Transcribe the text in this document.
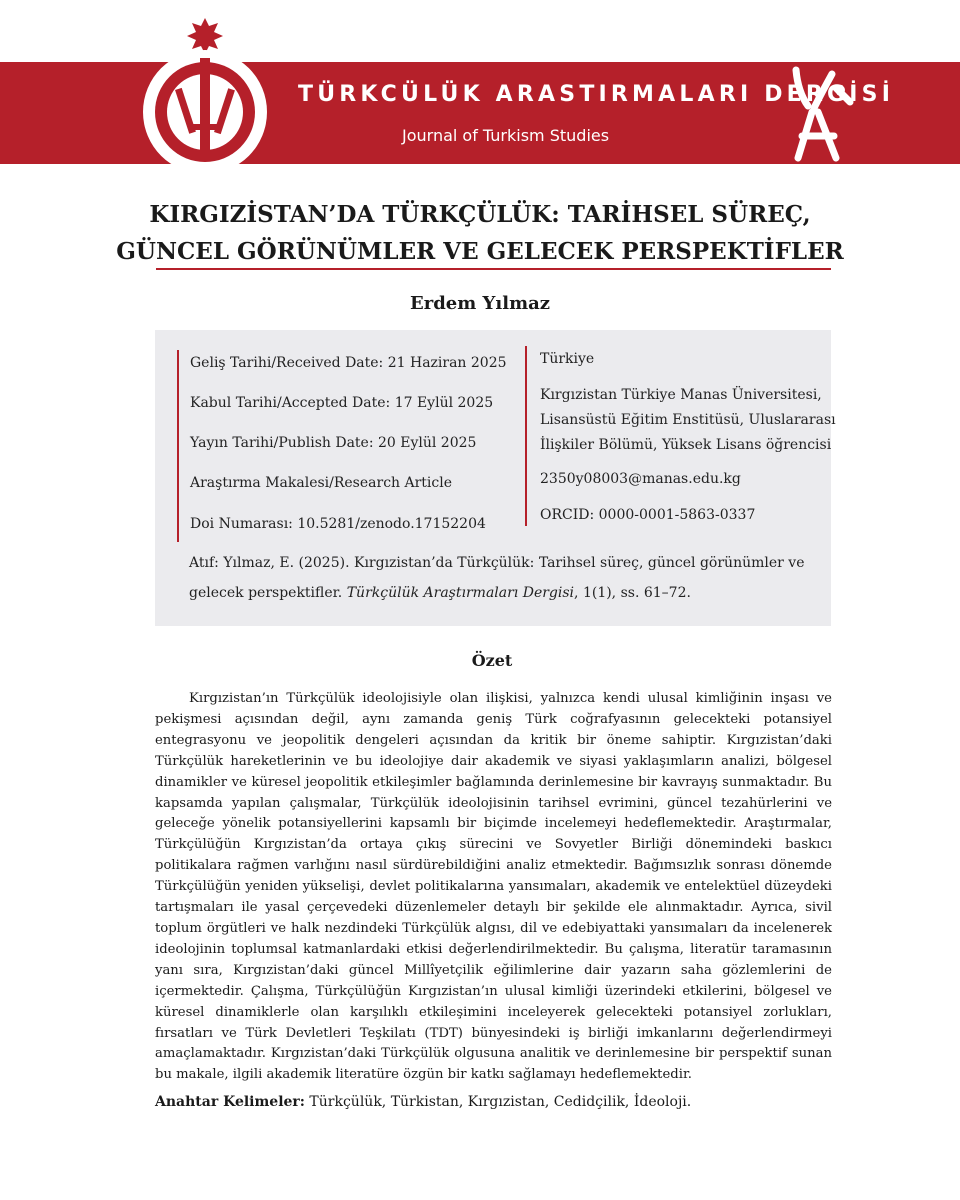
TÜRKCÜLÜK ARASTIRMALARI DERGİSİ
Journal of Turkism Studies
KIRGIZİSTAN’DA TÜRKÇÜLÜK: TARİHSEL SÜREÇ,
GÜNCEL GÖRÜNÜMLER VE GELECEK PERSPEKTİFLER
Erdem Yılmaz
Geliş Tarihi/Received Date: 21 Haziran 2025
Kabul Tarihi/Accepted Date: 17 Eylül 2025
Yayın Tarihi/Publish Date: 20 Eylül 2025
Araştırma Makalesi/Research Article
Doi Numarası: 10.5281/zenodo.17152204
Türkiye
Kırgızistan Türkiye Manas Üniversitesi,
Lisansüstü Eğitim Enstitüsü, Uluslararası
İlişkiler Bölümü, Yüksek Lisans öğrencisi
2350y08003@manas.edu.kg
ORCID: 0000-0001-5863-0337
Atıf: Yılmaz, E. (2025). Kırgızistan’da Türkçülük: Tarihsel süreç, güncel görünümler ve gelecek perspektifler. Türkçülük Araştırmaları Dergisi, 1(1), ss. 61–72.
Özet

Kırgızistan’ın Türkçülük ideolojisiyle olan ilişkisi, yalnızca kendi ulusal kimliğinin inşası ve pekişmesi açısından değil, aynı zamanda geniş Türk coğrafyasının gelecekteki potansiyel entegrasyonu ve jeopolitik dengeleri açısından da kritik bir öneme sahiptir. Kırgızistan’daki Türkçülük hareketlerinin ve bu ideolojiye dair akademik ve siyasi yaklaşımların analizi, bölgesel dinamikler ve küresel jeopolitik etkileşimler bağlamında derinlemesine bir kavrayış sunmaktadır. Bu kapsamda yapılan çalışmalar, Türkçülük ideolojisinin tarihsel evrimini, güncel tezahürlerini ve geleceğe yönelik potansiyellerini kapsamlı bir biçimde incelemeyi hedeflemektedir. Araştırmalar, Türkçülüğün Kırgızistan’da ortaya çıkış sürecini ve Sovyetler Birliği dönemindeki baskıcı politikalara rağmen varlığını nasıl sürdürebildiğini analiz etmektedir. Bağımsızlık sonrası dönemde Türkçülüğün yeniden yükselişi, devlet politikalarına yansımaları, akademik ve entelektüel düzeydeki tartışmaları ile yasal çerçevedeki düzenlemeler detaylı bir şekilde ele alınmaktadır. Ayrıca, sivil toplum örgütleri ve halk nezdindeki Türkçülük algısı, dil ve edebiyattaki yansımaları da incelenerek ideolojinin toplumsal katmanlardaki etkisi değerlendirilmektedir. Bu çalışma, literatür taramasının yanı sıra, Kırgızistan’daki güncel Millîyetçilik eğilimlerine dair yazarın saha gözlemlerini de içermektedir. Çalışma, Türkçülüğün Kırgızistan’ın ulusal kimliği üzerindeki etkilerini, bölgesel ve küresel dinamiklerle olan karşılıklı etkileşimini inceleyerek gelecekteki potansiyel zorlukları, fırsatları ve Türk Devletleri Teşkilatı (TDT) bünyesindeki iş birliği imkanlarını değerlendirmeyi amaçlamaktadır. Kırgızistan’daki Türkçülük olgusuna analitik ve derinlemesine bir perspektif sunan bu makale, ilgili akademik literatüre özgün bir katkı sağlamayı hedeflemektedir.

Anahtar Kelimeler: Türkçülük, Türkistan, Kırgızistan, Cedidçilik, İdeoloji.
